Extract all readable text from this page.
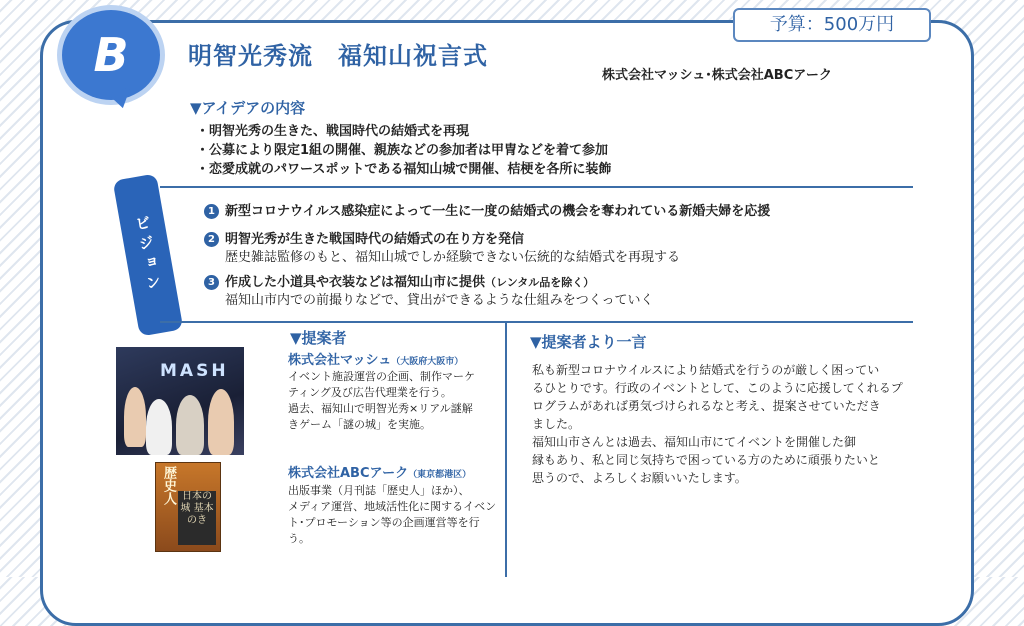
予算：500万円
B	明智光秀流　福知山祝言式
株式会社マッシュ･株式会社ABCアーク
▼アイデアの内容
・明智光秀の生きた、戦国時代の結婚式を再現
・公募により限定1組の開催、親族などの参加者は甲冑などを着て参加
・恋愛成就のパワースポットである福知山城で開催、桔梗を各所に装飾
ビジョン
1 新型コロナウイルス感染症によって一生に一度の結婚式の機会を奪われている新婚夫婦を応援
2 明智光秀が生きた戦国時代の結婚式の在り方を発信
歴史雑誌監修のもと、福知山城でしか経験できない伝統的な結婚式を再現する
3 作成した小道具や衣装などは福知山市に提供（レンタル品を除く）
福知山市内での前撮りなどで、貸出ができるような仕組みをつくっていく
▼提案者
MASH
株式会社マッシュ（大阪府大阪市）
イベント施設運営の企画、制作マーケ
ティング及び広告代理業を行う。
過去、福知山で明智光秀×リアル謎解
きゲーム「謎の城」を実施。
歴史人 日本の城 基本のき
株式会社ABCアーク（東京都港区）
出版事業（月刊誌「歴史人」ほか）、
メディア運営、地域活性化に関するイベン
ト･プロモーション等の企画運営等を行う。
▼提案者より一言
私も新型コロナウイルスにより結婚式を行うのが厳しく困ってい
るひとりです。行政のイベントとして、このように応援してくれるプ
ログラムがあれば勇気づけられるなと考え、提案させていただき
ました。
福知山市さんとは過去、福知山市にてイベントを開催した御
縁もあり、私と同じ気持ちで困っている方のために頑張りたいと
思うので、よろしくお願いいたします。
